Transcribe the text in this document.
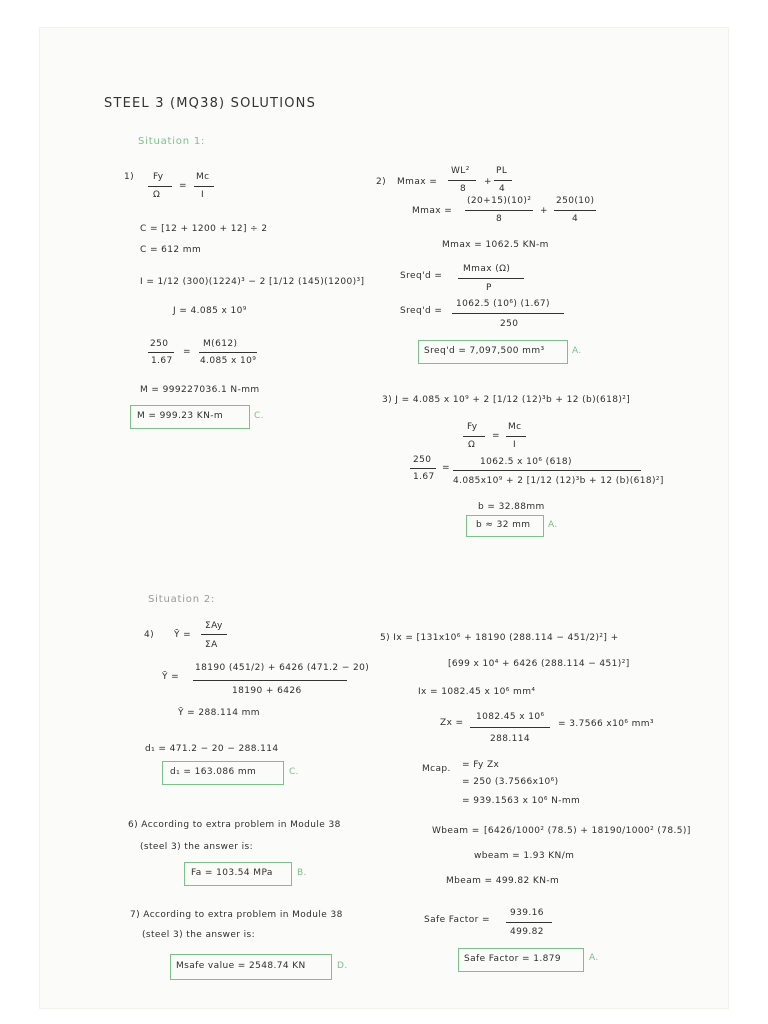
STEEL 3 (MQ38) SOLUTIONS
Situation 1:
Situation 2:
1) Fy
Ω
=
Mc
I
C = [12 + 1200 + 12] ÷ 2
C = 612 mm
I = 1/12 (300)(1224)³ − 2 [1/12 (145)(1200)³]
J = 4.085 x 10⁹
250
1.67
=
M(612)
4.085 x 10⁹
M = 999227036.1 N-mm
M = 999.23 KN-m	C.
2) Mmax =
WL²
8
+
PL
4
Mmax =
(20+15)(10)²
8
+
250(10)
4
Mmax = 1062.5 KN-m
Sreq'd =
Mmax (Ω)
P
Sreq'd =
1062.5 (10⁶) (1.67)
250
Sreq'd = 7,097,500 mm³	A.
3) J = 4.085 x 10⁹ + 2 [1/12 (12)³b + 12 (b)(618)²]
Fy
Ω
=
Mc
I
250
1.67
=
1062.5 x 10⁶ (618)
4.085x10⁹ + 2 [1/12 (12)³b + 12 (b)(618)²]
b = 32.88mm
b ≈ 32 mm A.
4) Ȳ =
ΣAy
ΣA
Ȳ =
18190 (451/2) + 6426 (471.2 − 20)
18190 + 6426
Ȳ = 288.114 mm
d₁ = 471.2 − 20 − 288.114
d₁ = 163.086 mm	C.
5) Ix = [131x10⁶ + 18190 (288.114 − 451/2)²] +
[699 x 10⁴ + 6426 (288.114 − 451)²]
Ix = 1082.45 x 10⁶ mm⁴
Zx =
1082.45 x 10⁶
288.114
= 3.7566 x10⁶ mm³
Mcap. = Fy Zx
= 250 (3.7566x10⁶)
= 939.1563 x 10⁶ N-mm
Wbeam = [6426/1000² (78.5) + 18190/1000² (78.5)]
wbeam = 1.93 KN/m
Mbeam = 499.82 KN-m
Safe Factor =
939.16
499.82
Safe Factor = 1.879	A.
6) According to extra problem in Module 38
(steel 3) the answer is:
Fa = 103.54 MPa	B.
7) According to extra problem in Module 38
(steel 3) the answer is:
Msafe value = 2548.74 KN	D.
